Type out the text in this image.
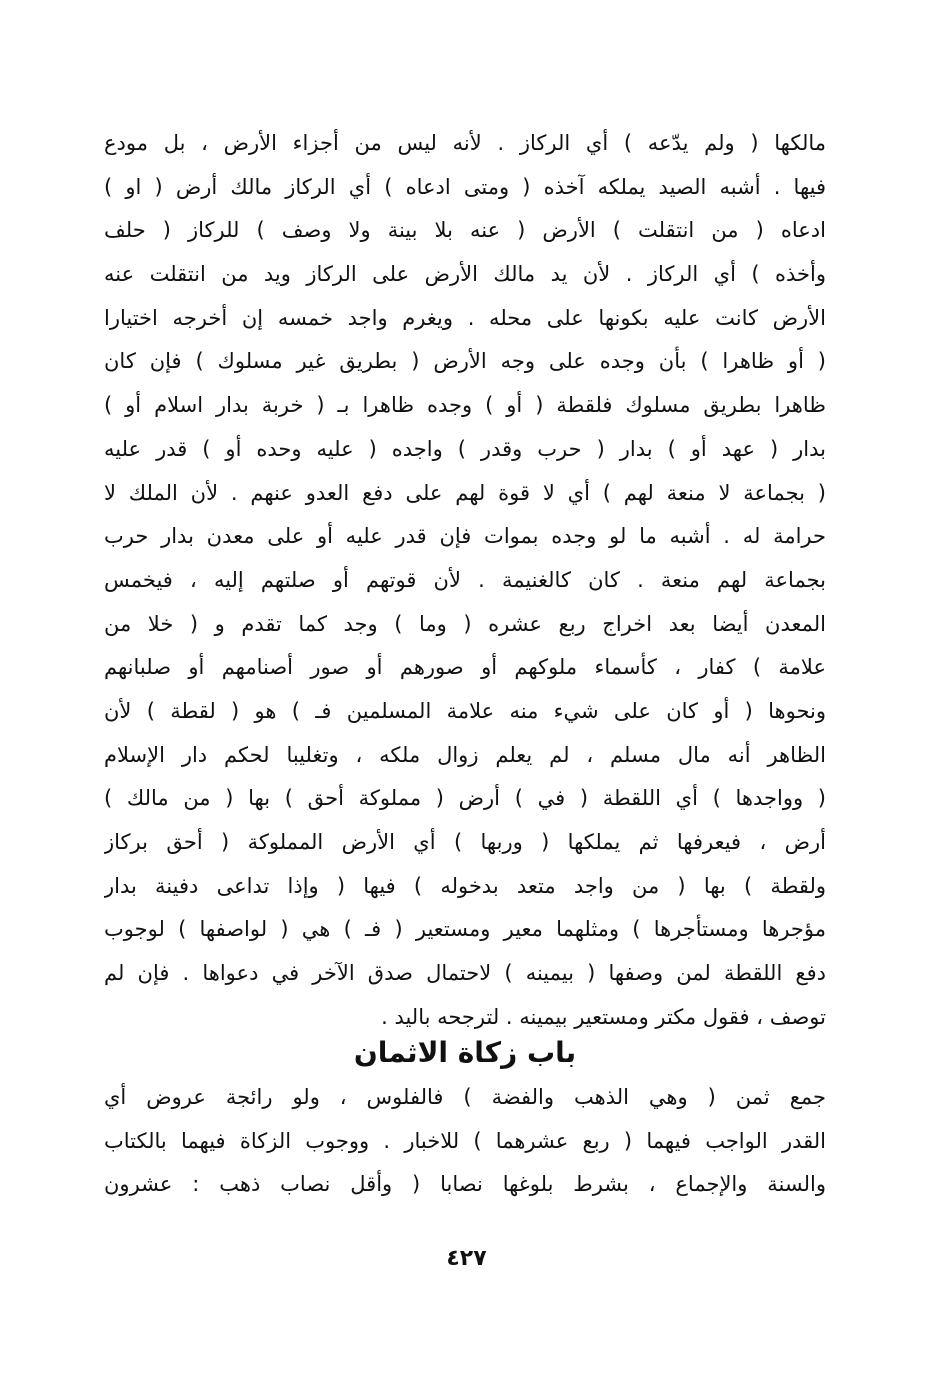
مالكها ( ولم يدّعه ) أي الركاز . لأنه ليس من أجزاء الأرض ، بل مودع
فيها . أشبه الصيد يملكه آخذه ( ومتى ادعاه ) أي الركاز مالك أرض ( او )
ادعاه ( من انتقلت ) الأرض ( عنه بلا بينة ولا وصف ) للركاز ( حلف
وأخذه ) أي الركاز . لأن يد مالك الأرض على الركاز ويد من انتقلت عنه
الأرض كانت عليه بكونها على محله . ويغرم واجد خمسه إن أخرجه اختيارا
( أو ظاهرا ) بأن وجده على وجه الأرض ( بطريق غير مسلوك ) فإن كان
ظاهرا بطريق مسلوك فلقطة ( أو ) وجده ظاهرا بـ ( خربة بدار اسلام أو )
بدار ( عهد أو ) بدار ( حرب وقدر ) واجده ( عليه وحده أو ) قدر عليه
( بجماعة لا منعة لهم ) أي لا قوة لهم على دفع العدو عنهم . لأن الملك لا
حرامة له . أشبه ما لو وجده بموات فإن قدر عليه أو على معدن بدار حرب
بجماعة لهم منعة . كان كالغنيمة . لأن قوتهم أو صلتهم إليه ، فيخمس
المعدن أيضا بعد اخراج ربع عشره ( وما ) وجد كما تقدم و ( خلا من
علامة ) كفار ، كأسماء ملوكهم أو صورهم أو صور أصنامهم أو صلبانهم
ونحوها ( أو كان على شيء منه علامة المسلمين فـ ) هو ( لقطة ) لأن
الظاهر أنه مال مسلم ، لم يعلم زوال ملكه ، وتغليبا لحكم دار الإسلام
( وواجدها ) أي اللقطة ( في ) أرض ( مملوكة أحق ) بها ( من مالك )
أرض ، فيعرفها ثم يملكها ( وربها ) أي الأرض المملوكة ( أحق بركاز
ولقطة ) بها ( من واجد متعد بدخوله ) فيها ( وإذا تداعى دفينة بدار
مؤجرها ومستأجرها ) ومثلهما معير ومستعير ( فـ ) هي ( لواصفها ) لوجوب
دفع اللقطة لمن وصفها ( بيمينه ) لاحتمال صدق الآخر في دعواها . فإن لم
توصف ، فقول مكتر ومستعير بيمينه . لترجحه باليد .
باب زكاة الاثمان
جمع ثمن ( وهي الذهب والفضة ) فالفلوس ، ولو رائجة عروض أي
القدر الواجب فيهما ( ربع عشرهما ) للاخبار . ووجوب الزكاة فيهما بالكتاب
والسنة والإجماع ، بشرط بلوغها نصابا ( وأقل نصاب ذهب : عشرون
٤٢٧
